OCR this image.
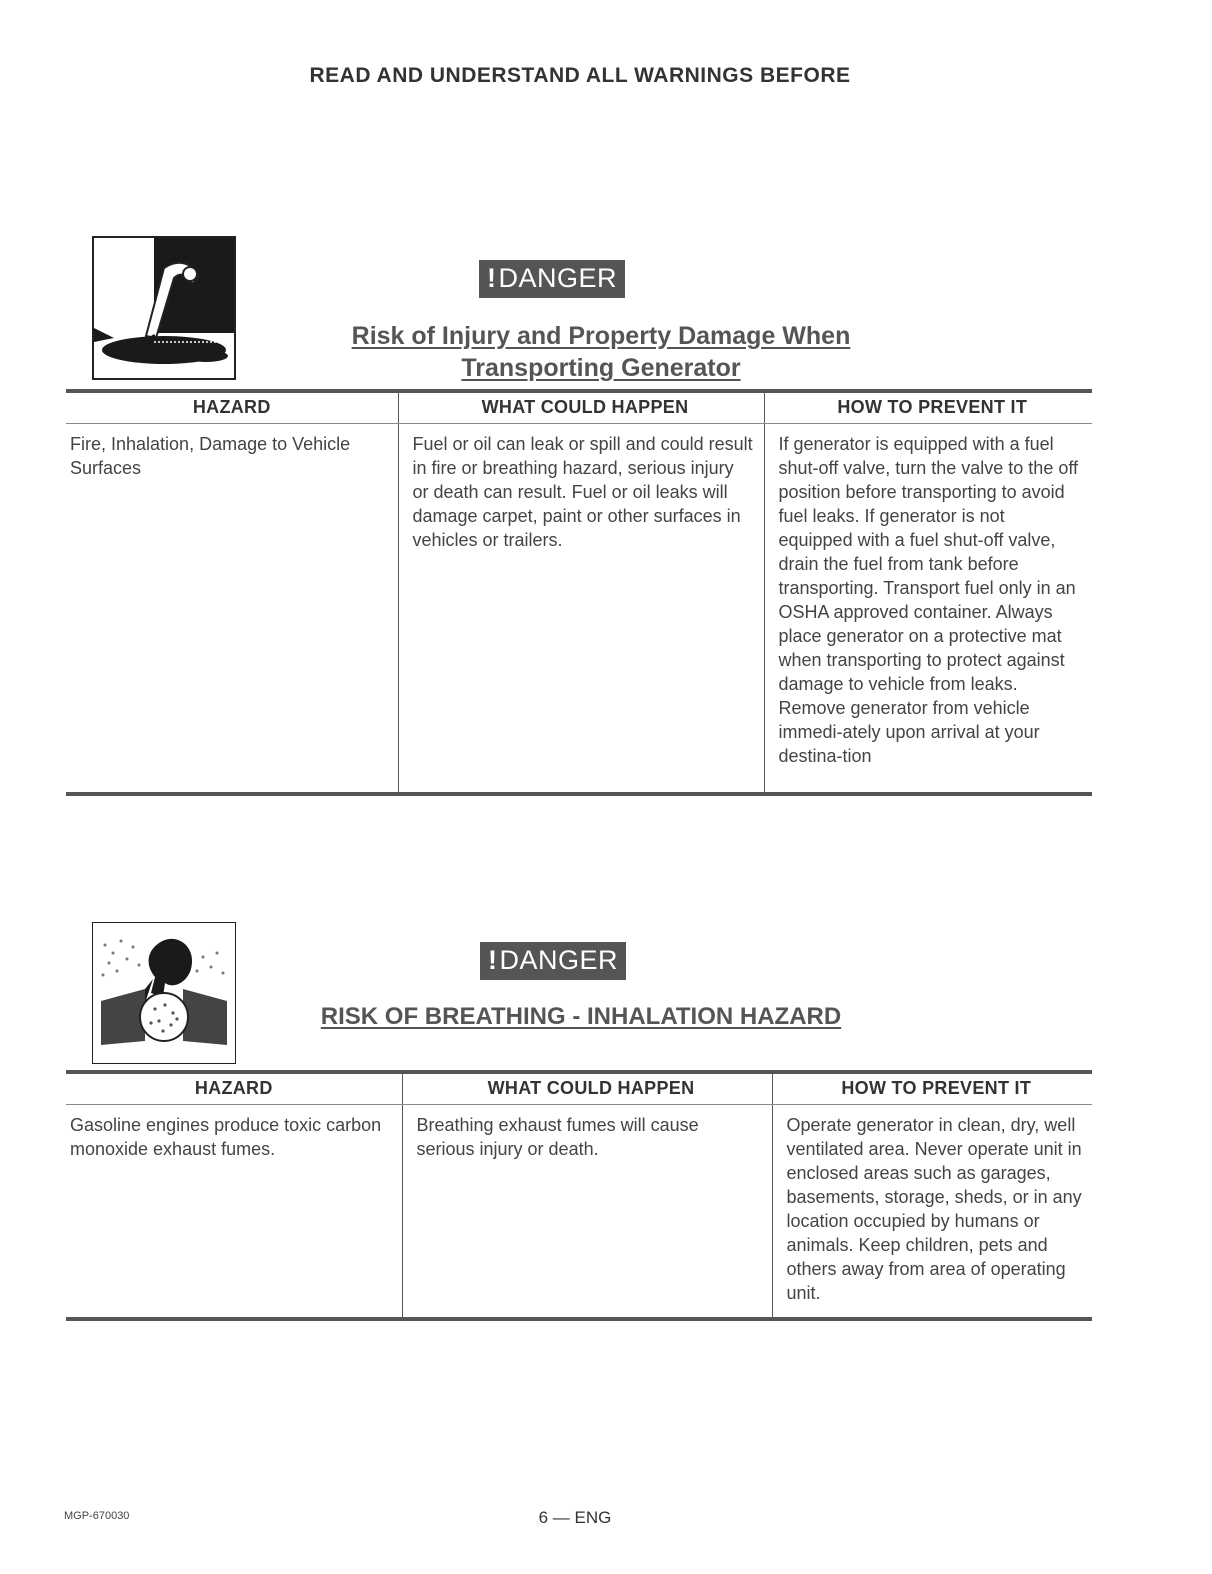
READ AND UNDERSTAND ALL WARNINGS BEFORE
!DANGER
Risk of Injury and Property Damage When
Transporting Generator
HAZARD	WHAT COULD HAPPEN	HOW TO PREVENT IT
Fire, Inhalation, Damage to Vehicle Surfaces	Fuel or oil can leak or spill and could result in fire or breathing hazard, serious injury or death can result. Fuel or oil leaks will damage carpet, paint or other surfaces in vehicles or trailers.	If generator is equipped with a fuel shut-off valve, turn the valve to the off position before transporting to avoid fuel leaks. If generator is not equipped with a fuel shut-off valve, drain the fuel from tank before transporting. Transport fuel only in an OSHA approved container. Always place generator on a protective mat when transporting to protect against damage to vehicle from leaks. Remove generator from vehicle immedi-ately upon arrival at your destina-tion
!DANGER
RISK OF BREATHING - INHALATION HAZARD
HAZARD	WHAT COULD HAPPEN	HOW TO PREVENT IT
Gasoline engines produce toxic carbon monoxide exhaust fumes.	Breathing exhaust fumes will cause serious injury or death.	Operate generator in clean, dry, well ventilated area. Never operate unit in enclosed areas such as garages, basements, storage, sheds, or in any location occupied by humans or animals. Keep children, pets and others away from area of operating unit.
MGP-670030	6 — ENG
